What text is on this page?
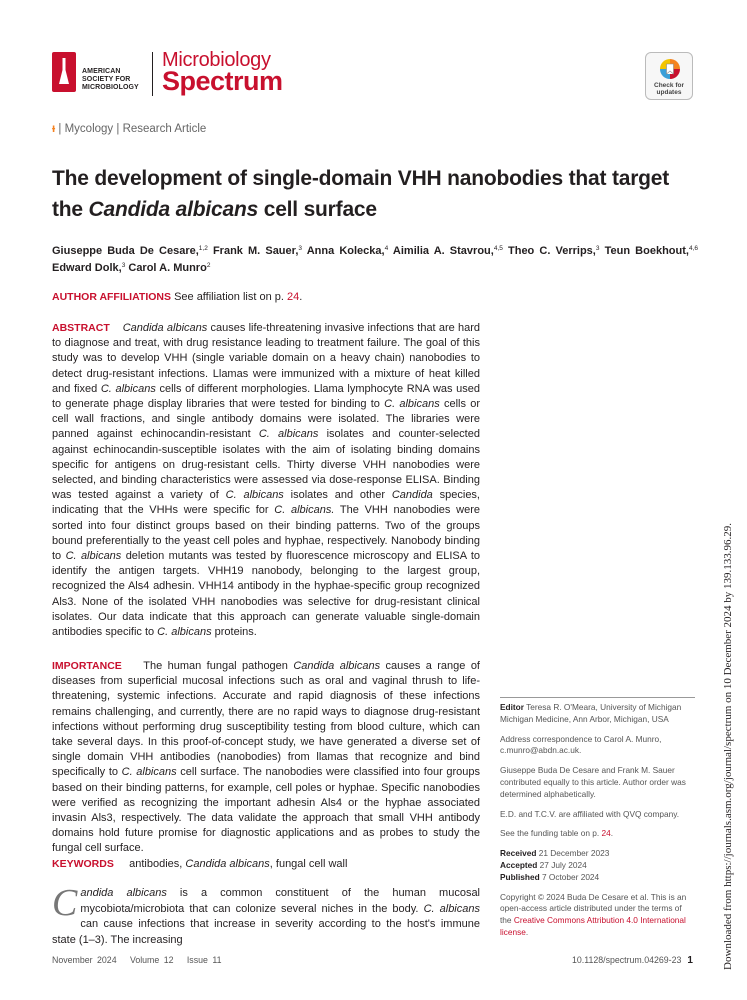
AMERICAN
SOCIETY FOR
MICROBIOLOGY
Microbiology
Spectrum	Check for
updates
ᵻ | Mycology | Research Article
The development of single-domain VHH nanobodies that target the Candida albicans cell surface
Giuseppe Buda De Cesare,$^{1,2}$ Frank M. Sauer,$^3$ Anna Kolecka,$^4$ Aimilia A. Stavrou,$^{4,5}$ Theo C. Verrips,$^3$ Teun Boekhout,$^{4,6}$ Edward Dolk,$^3$ Carol A. Munro$^2$
AUTHOR AFFILIATIONS See affiliation list on p. 24.
ABSTRACT Candida albicans causes life-threatening invasive infections that are hard to diagnose and treat, with drug resistance leading to treatment failure. The goal of this study was to develop VHH (single variable domain on a heavy chain) nanobodies to detect drug-resistant infections. Llamas were immunized with a mixture of heat killed and fixed C. albicans cells of different morphologies. Llama lymphocyte RNA was used to generate phage display libraries that were tested for binding to C. albicans cells or cell wall fractions, and single antibody domains were isolated. The libraries were panned against echinocandin-resistant C. albicans isolates and counter-selected against echinocandin-susceptible isolates with the aim of isolating binding domains specific for antigens on drug-resistant cells. Thirty diverse VHH nanobodies were selected, and binding characteristics were assessed via dose-response ELISA. Binding was tested against a variety of C. albicans isolates and other Candida species, indicating that the VHHs were specific for C. albicans. The VHH nanobodies were sorted into four distinct groups based on their binding patterns. Two of the groups bound preferentially to the yeast cell poles and hyphae, respectively. Nanobody binding to C. albicans deletion mutants was tested by fluorescence microscopy and ELISA to identify the antigen targets. VHH19 nanobody, belonging to the largest group, recognized the Als4 adhesin. VHH14 antibody in the hyphae-specific group recognized Als3. None of the isolated VHH nanobodies was selective for drug-resistant clinical isolates. Our data indicate that this approach can generate valuable single-domain antibodies specific to C. albicans proteins.
IMPORTANCE The human fungal pathogen Candida albicans causes a range of diseases from superficial mucosal infections such as oral and vaginal thrush to life-threatening, systemic infections. Accurate and rapid diagnosis of these infections remains challenging, and currently, there are no rapid ways to diagnose drug-resistant infections without performing drug susceptibility testing from blood culture, which can take several days. In this proof-of-concept study, we have generated a diverse set of single domain VHH antibodies (nanobodies) from llamas that recognize and bind specifically to C. albicans cell surface. The nanobodies were classified into four groups based on their binding patterns, for example, cell poles or hyphae. Specific nanobodies were verified as recognizing the important adhesin Als4 or the hyphae associated invasin Als3, respectively. The data validate the approach that small VHH antibody domains hold future promise for diagnostic applications and as probes to study the fungal cell surface.
KEYWORDS antibodies, Candida albicans, fungal cell wall
Candida albicans is a common constituent of the human mucosal mycobiota/microbiota that can colonize several niches in the body. C. albicans can cause infections that increase in severity according to the host's immune state (1–3). The increasing
Editor Teresa R. O'Meara, University of Michigan Michigan Medicine, Ann Arbor, Michigan, USA
Address correspondence to Carol A. Munro, c.munro@abdn.ac.uk.
Giuseppe Buda De Cesare and Frank M. Sauer contributed equally to this article. Author order was determined alphabetically.
E.D. and T.C.V. are affiliated with QVQ company.
See the funding table on p. 24.
Received 21 December 2023
Accepted 27 July 2024
Published 7 October 2024
Copyright © 2024 Buda De Cesare et al. This is an open-access article distributed under the terms of the Creative Commons Attribution 4.0 International license.
November 2024 Volume 12 Issue 11	10.1128/spectrum.04269-23 1	Downloaded from https://journals.asm.org/journal/spectrum on 10 December 2024 by 139.133.96.29.
